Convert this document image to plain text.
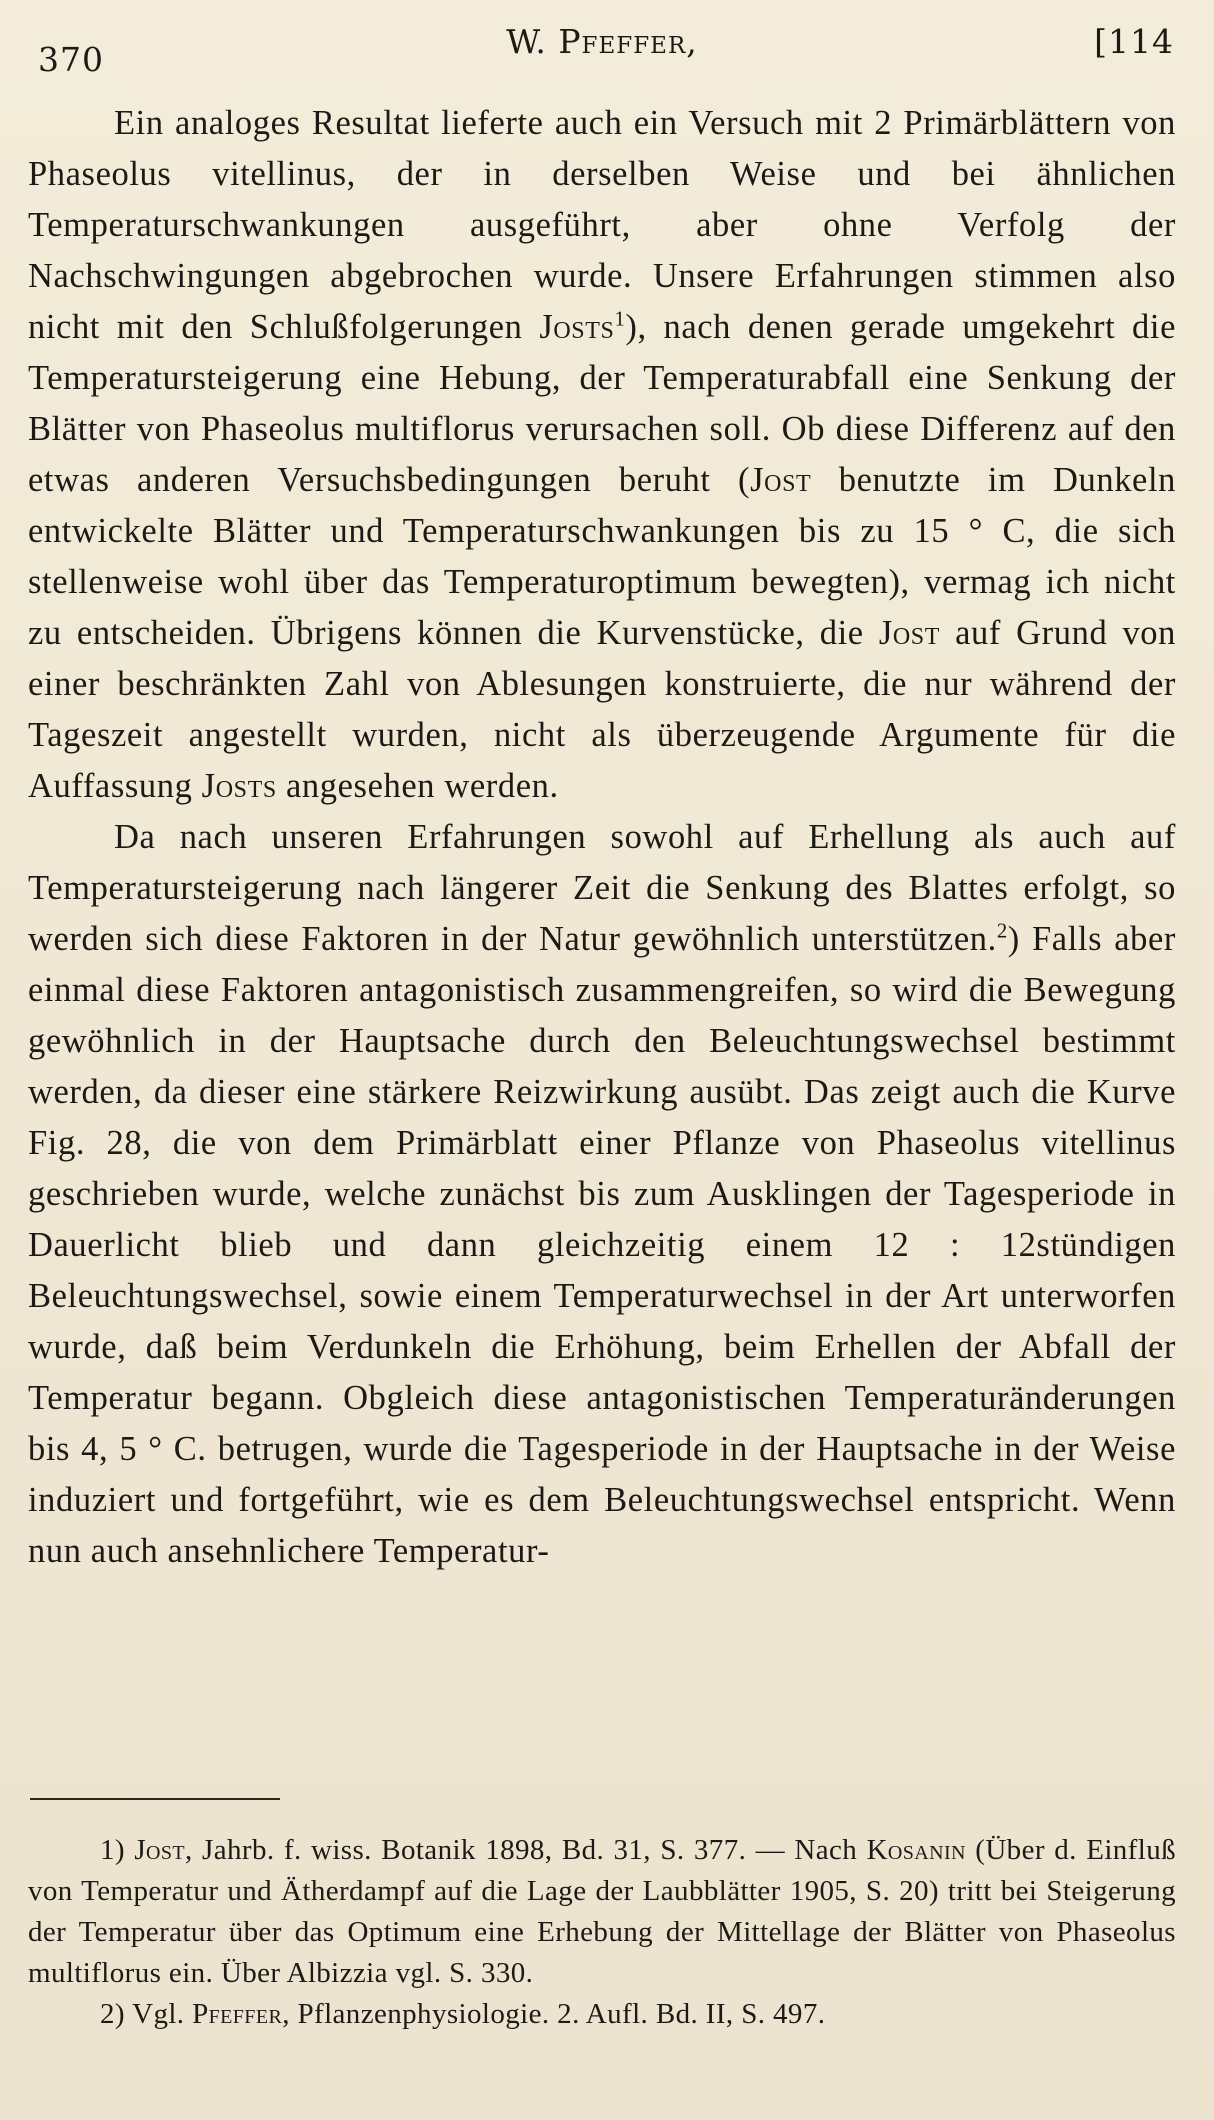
370	W. Pfeffer,	[114

Ein analoges Resultat lieferte auch ein Versuch mit 2 Primärblättern von Phaseolus vitellinus, der in derselben Weise und bei ähnlichen Temperaturschwankungen ausgeführt, aber ohne Verfolg der Nachschwingungen abgebrochen wurde. Unsere Erfahrungen stimmen also nicht mit den Schlußfolgerungen Josts$^1$), nach denen gerade umgekehrt die Temperatursteigerung eine Hebung, der Temperaturabfall eine Senkung der Blätter von Phaseolus multiflorus verursachen soll. Ob diese Differenz auf den etwas anderen Versuchsbedingungen beruht (Jost benutzte im Dunkeln entwickelte Blätter und Temperaturschwankungen bis zu 15 ° C, die sich stellenweise wohl über das Temperaturoptimum bewegten), vermag ich nicht zu entscheiden. Übrigens können die Kurvenstücke, die Jost auf Grund von einer beschränkten Zahl von Ablesungen konstruierte, die nur während der Tageszeit angestellt wurden, nicht als überzeugende Argumente für die Auffassung Josts angesehen werden.

Da nach unseren Erfahrungen sowohl auf Erhellung als auch auf Temperatursteigerung nach längerer Zeit die Senkung des Blattes erfolgt, so werden sich diese Faktoren in der Natur gewöhnlich unterstützen.$^2$) Falls aber einmal diese Faktoren antagonistisch zusammengreifen, so wird die Bewegung gewöhnlich in der Hauptsache durch den Beleuchtungswechsel bestimmt werden, da dieser eine stärkere Reizwirkung ausübt. Das zeigt auch die Kurve Fig. 28, die von dem Primärblatt einer Pflanze von Phaseolus vitellinus geschrieben wurde, welche zunächst bis zum Ausklingen der Tagesperiode in Dauerlicht blieb und dann gleichzeitig einem 12 : 12stündigen Beleuchtungswechsel, sowie einem Temperaturwechsel in der Art unterworfen wurde, daß beim Verdunkeln die Erhöhung, beim Erhellen der Abfall der Temperatur begann. Obgleich diese antagonistischen Temperaturänderungen bis 4, 5 ° C. betrugen, wurde die Tagesperiode in der Hauptsache in der Weise induziert und fortgeführt, wie es dem Beleuchtungswechsel entspricht. Wenn nun auch ansehnlichere Temperatur-

1) Jost, Jahrb. f. wiss. Botanik 1898, Bd. 31, S. 377. — Nach Kosanin (Über d. Einfluß von Temperatur und Ätherdampf auf die Lage der Laubblätter 1905, S. 20) tritt bei Steigerung der Temperatur über das Optimum eine Erhebung der Mittellage der Blätter von Phaseolus multiflorus ein. Über Albizzia vgl. S. 330.

2) Vgl. Pfeffer, Pflanzenphysiologie. 2. Aufl. Bd. II, S. 497.
